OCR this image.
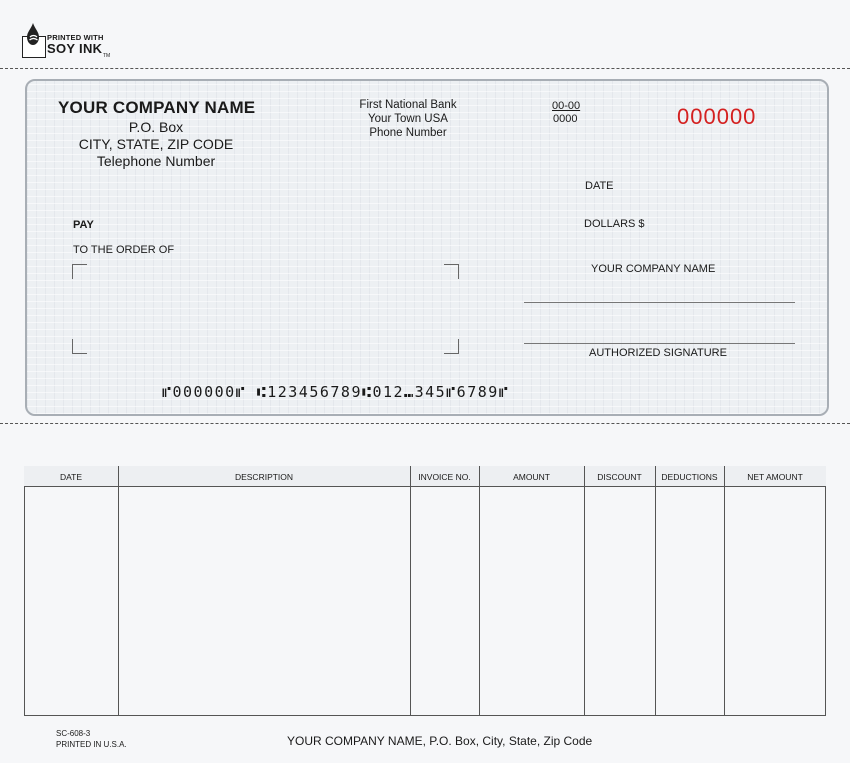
PRINTED WITH
SOY INK TM
YOUR COMPANY NAME
P.O. Box
CITY, STATE, ZIP CODE
Telephone Number
First National Bank
Your Town USA
Phone Number
00-00
0000	000000
DATE
PAY	DOLLARS $
TO THE ORDER OF
YOUR COMPANY NAME
AUTHORIZED SIGNATURE
⑈000000⑈ ⑆123456789⑆012⑉345⑈6789⑈
DATE	DESCRIPTION	INVOICE NO.	AMOUNT	DISCOUNT	DEDUCTIONS	NET AMOUNT
SC-608-3
PRINTED IN U.S.A.	YOUR COMPANY NAME, P.O. Box, City, State, Zip Code
